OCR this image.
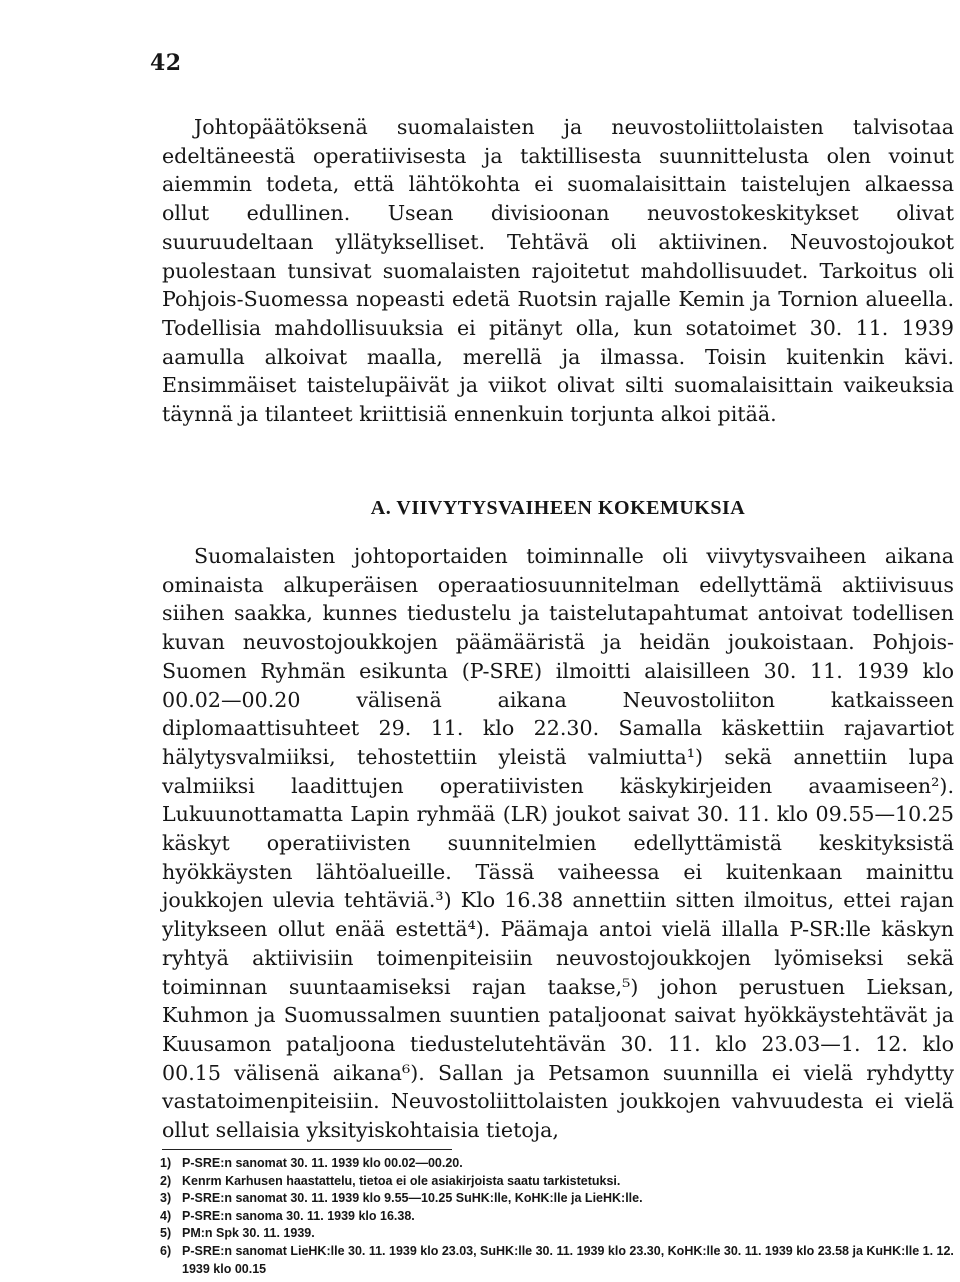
42

Johtopäätöksenä suomalaisten ja neuvostoliittolaisten talvisotaa edeltäneestä operatiivisesta ja taktillisesta suunnittelusta olen voinut aiemmin todeta, että lähtökohta ei suomalaisittain taistelujen alkaessa ollut edullinen. Usean divisioonan neuvostokeskitykset olivat suuruudeltaan yllätykselliset. Tehtävä oli aktiivinen. Neuvostojoukot puolestaan tunsivat suomalaisten rajoitetut mahdollisuudet. Tarkoitus oli Pohjois-Suomessa nopeasti edetä Ruotsin rajalle Kemin ja Tornion alueella. Todellisia mahdollisuuksia ei pitänyt olla, kun sotatoimet 30. 11. 1939 aamulla alkoivat maalla, merellä ja ilmassa. Toisin kuitenkin kävi. Ensimmäiset taistelupäivät ja viikot olivat silti suomalaisittain vaikeuksia täynnä ja tilanteet kriittisiä ennenkuin torjunta alkoi pitää.

A. VIIVYTYSVAIHEEN KOKEMUKSIA

Suomalaisten johtoportaiden toiminnalle oli viivytysvaiheen aikana ominaista alkuperäisen operaatiosuunnitelman edellyttämä aktiivisuus siihen saakka, kunnes tiedustelu ja taistelutapahtumat antoivat todellisen kuvan neuvostojoukkojen päämääristä ja heidän joukoistaan. Pohjois-Suomen Ryhmän esikunta (P-SRE) ilmoitti alaisilleen 30. 11. 1939 klo 00.02—00.20 välisenä aikana Neuvostoliiton katkaisseen diplomaattisuhteet 29. 11. klo 22.30. Samalla käskettiin rajavartiot hälytysvalmiiksi, tehostettiin yleistä valmiutta¹) sekä annettiin lupa valmiiksi laadittujen operatiivisten käskykirjeiden avaamiseen²). Lukuunottamatta Lapin ryhmää (LR) joukot saivat 30. 11. klo 09.55—10.25 käskyt operatiivisten suunnitelmien edellyttämistä keskityksistä hyökkäysten lähtöalueille. Tässä vaiheessa ei kuitenkaan mainittu joukkojen ulevia tehtäviä.³) Klo 16.38 annettiin sitten ilmoitus, ettei rajan ylitykseen ollut enää estettä⁴). Päämaja antoi vielä illalla P-SR:lle käskyn ryhtyä aktiivisiin toimenpiteisiin neuvostojoukkojen lyömiseksi sekä toiminnan suuntaamiseksi rajan taakse,⁵) johon perustuen Lieksan, Kuhmon ja Suomussalmen suuntien pataljoonat saivat hyökkäystehtävät ja Kuusamon pataljoona tiedustelutehtävän 30. 11. klo 23.03—1. 12. klo 00.15 välisenä aikana⁶). Sallan ja Petsamon suunnilla ei vielä ryhdytty vastatoimenpiteisiin. Neuvostoliittolaisten joukkojen vahvuudesta ei vielä ollut sellaisia yksityiskohtaisia tietoja,

1) P-SRE:n sanomat 30. 11. 1939 klo 00.02—00.20.
2) Kenrm Karhusen haastattelu, tietoa ei ole asiakirjoista saatu tarkistetuksi.
3) P-SRE:n sanomat 30. 11. 1939 klo 9.55—10.25 SuHK:lle, KoHK:lle ja LieHK:lle.
4) P-SRE:n sanoma 30. 11. 1939 klo 16.38.
5) PM:n Spk 30. 11. 1939.
6) P-SRE:n sanomat LieHK:lle 30. 11. 1939 klo 23.03, SuHK:lle 30. 11. 1939 klo 23.30, KoHK:lle 30. 11. 1939 klo 23.58 ja KuHK:lle 1. 12. 1939 klo 00.15
